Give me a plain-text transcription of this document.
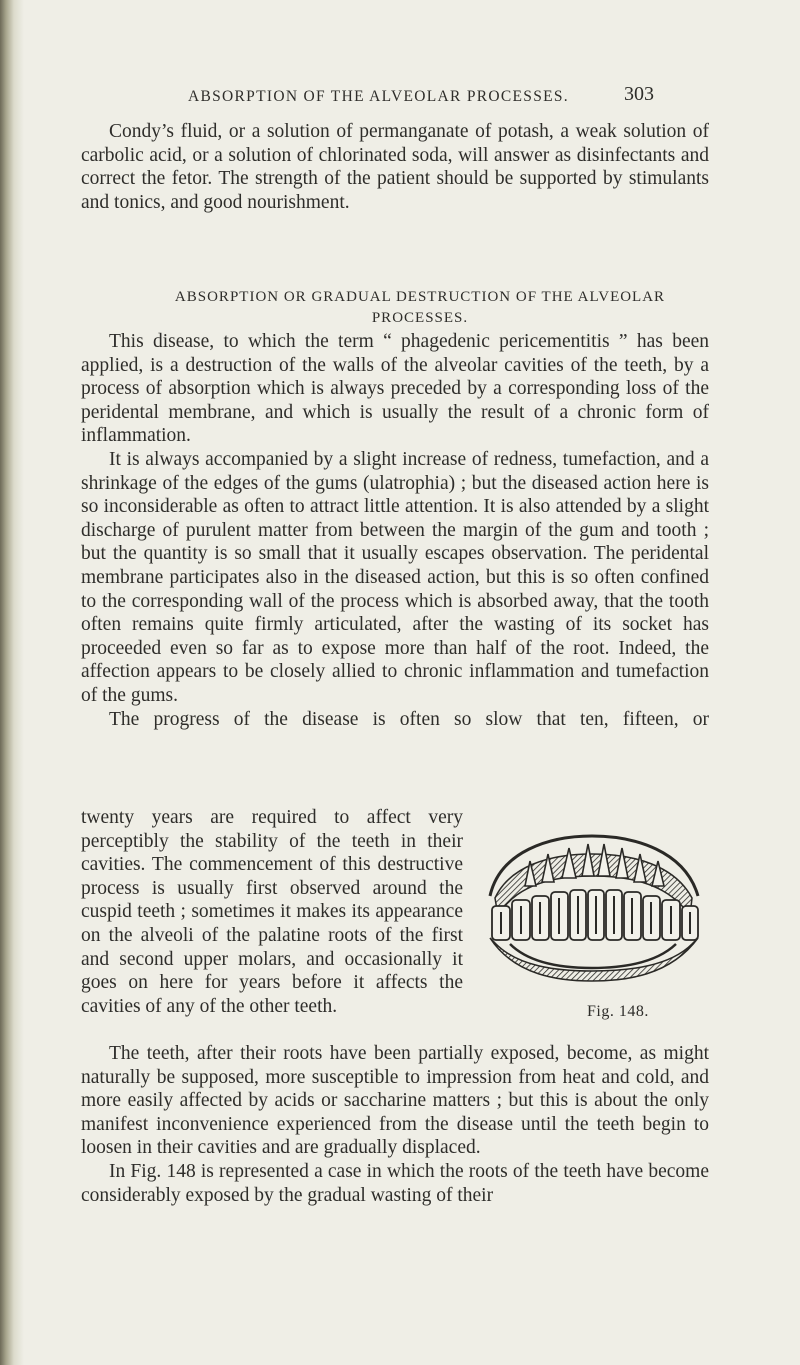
ABSORPTION OF THE ALVEOLAR PROCESSES.	303

Condy’s fluid, or a solution of permanganate of potash, a weak solution of carbolic acid, or a solution of chlorinated soda, will answer as disinfectants and correct the fetor. The strength of the patient should be supported by stimulants and tonics, and good nourishment.

ABSORPTION OR GRADUAL DESTRUCTION OF THE ALVEOLAR
PROCESSES.

This disease, to which the term “ phagedenic pericementitis ” has been applied, is a destruction of the walls of the alveolar cavities of the teeth, by a process of absorption which is always preceded by a corresponding loss of the peridental membrane, and which is usually the result of a chronic form of inflammation.

It is always accompanied by a slight increase of redness, tumefaction, and a shrinkage of the edges of the gums (ulatrophia) ; but the diseased action here is so inconsiderable as often to attract little attention. It is also attended by a slight discharge of purulent matter from between the margin of the gum and tooth ; but the quantity is so small that it usually escapes observation. The peridental membrane participates also in the diseased action, but this is so often confined to the corresponding wall of the process which is absorbed away, that the tooth often remains quite firmly articulated, after the wasting of its socket has proceeded even so far as to expose more than half of the root. Indeed, the affection appears to be closely allied to chronic inflammation and tumefaction of the gums.

The progress of the disease is often so slow that ten, fifteen, or

twenty years are required to affect very perceptibly the stability of the teeth in their cavities. The commencement of this destructive process is usually first observed around the cuspid teeth ; sometimes it makes its appearance on the alveoli of the palatine roots of the first and second upper molars, and occasionally it goes on here for years before it affects the cavities of any of the other teeth.	Fig. 148.

The teeth, after their roots have been partially exposed, become, as might naturally be supposed, more susceptible to impression from heat and cold, and more easily affected by acids or saccharine matters ; but this is about the only manifest inconvenience experienced from the disease until the teeth begin to loosen in their cavities and are gradually displaced.

In Fig. 148 is represented a case in which the roots of the teeth have become considerably exposed by the gradual wasting of their
